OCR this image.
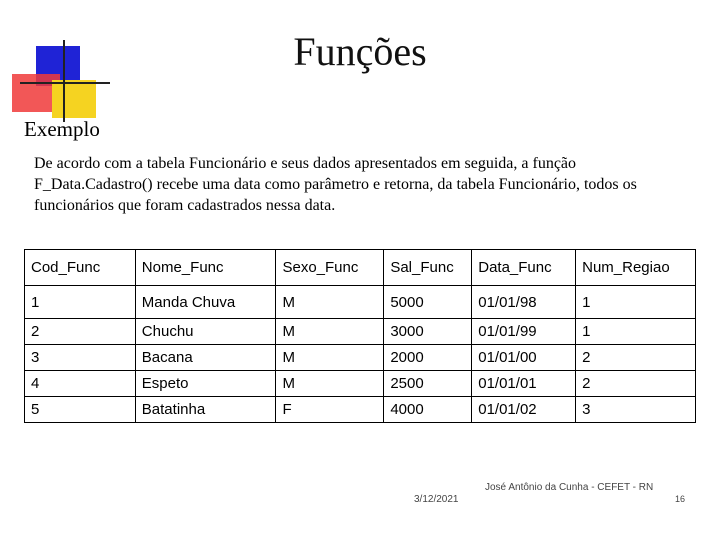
Funções
Exemplo
De acordo com a tabela Funcionário e seus dados apresentados em seguida, a função F_Data.Cadastro() recebe uma data como parâmetro e retorna, da tabela Funcionário, todos os funcionários que foram cadastrados nessa data.
Cod_Func	Nome_Func	Sexo_Func	Sal_Func	Data_Func	Num_Regiao
1	Manda Chuva	M	5000	01/01/98	1
2	Chuchu	M	3000	01/01/99	1
3	Bacana	M	2000	01/01/00	2
4	Espeto	M	2500	01/01/01	2
5	Batatinha	F	4000	01/01/02	3
3/12/2021
José Antônio da Cunha - CEFET - RN
16
